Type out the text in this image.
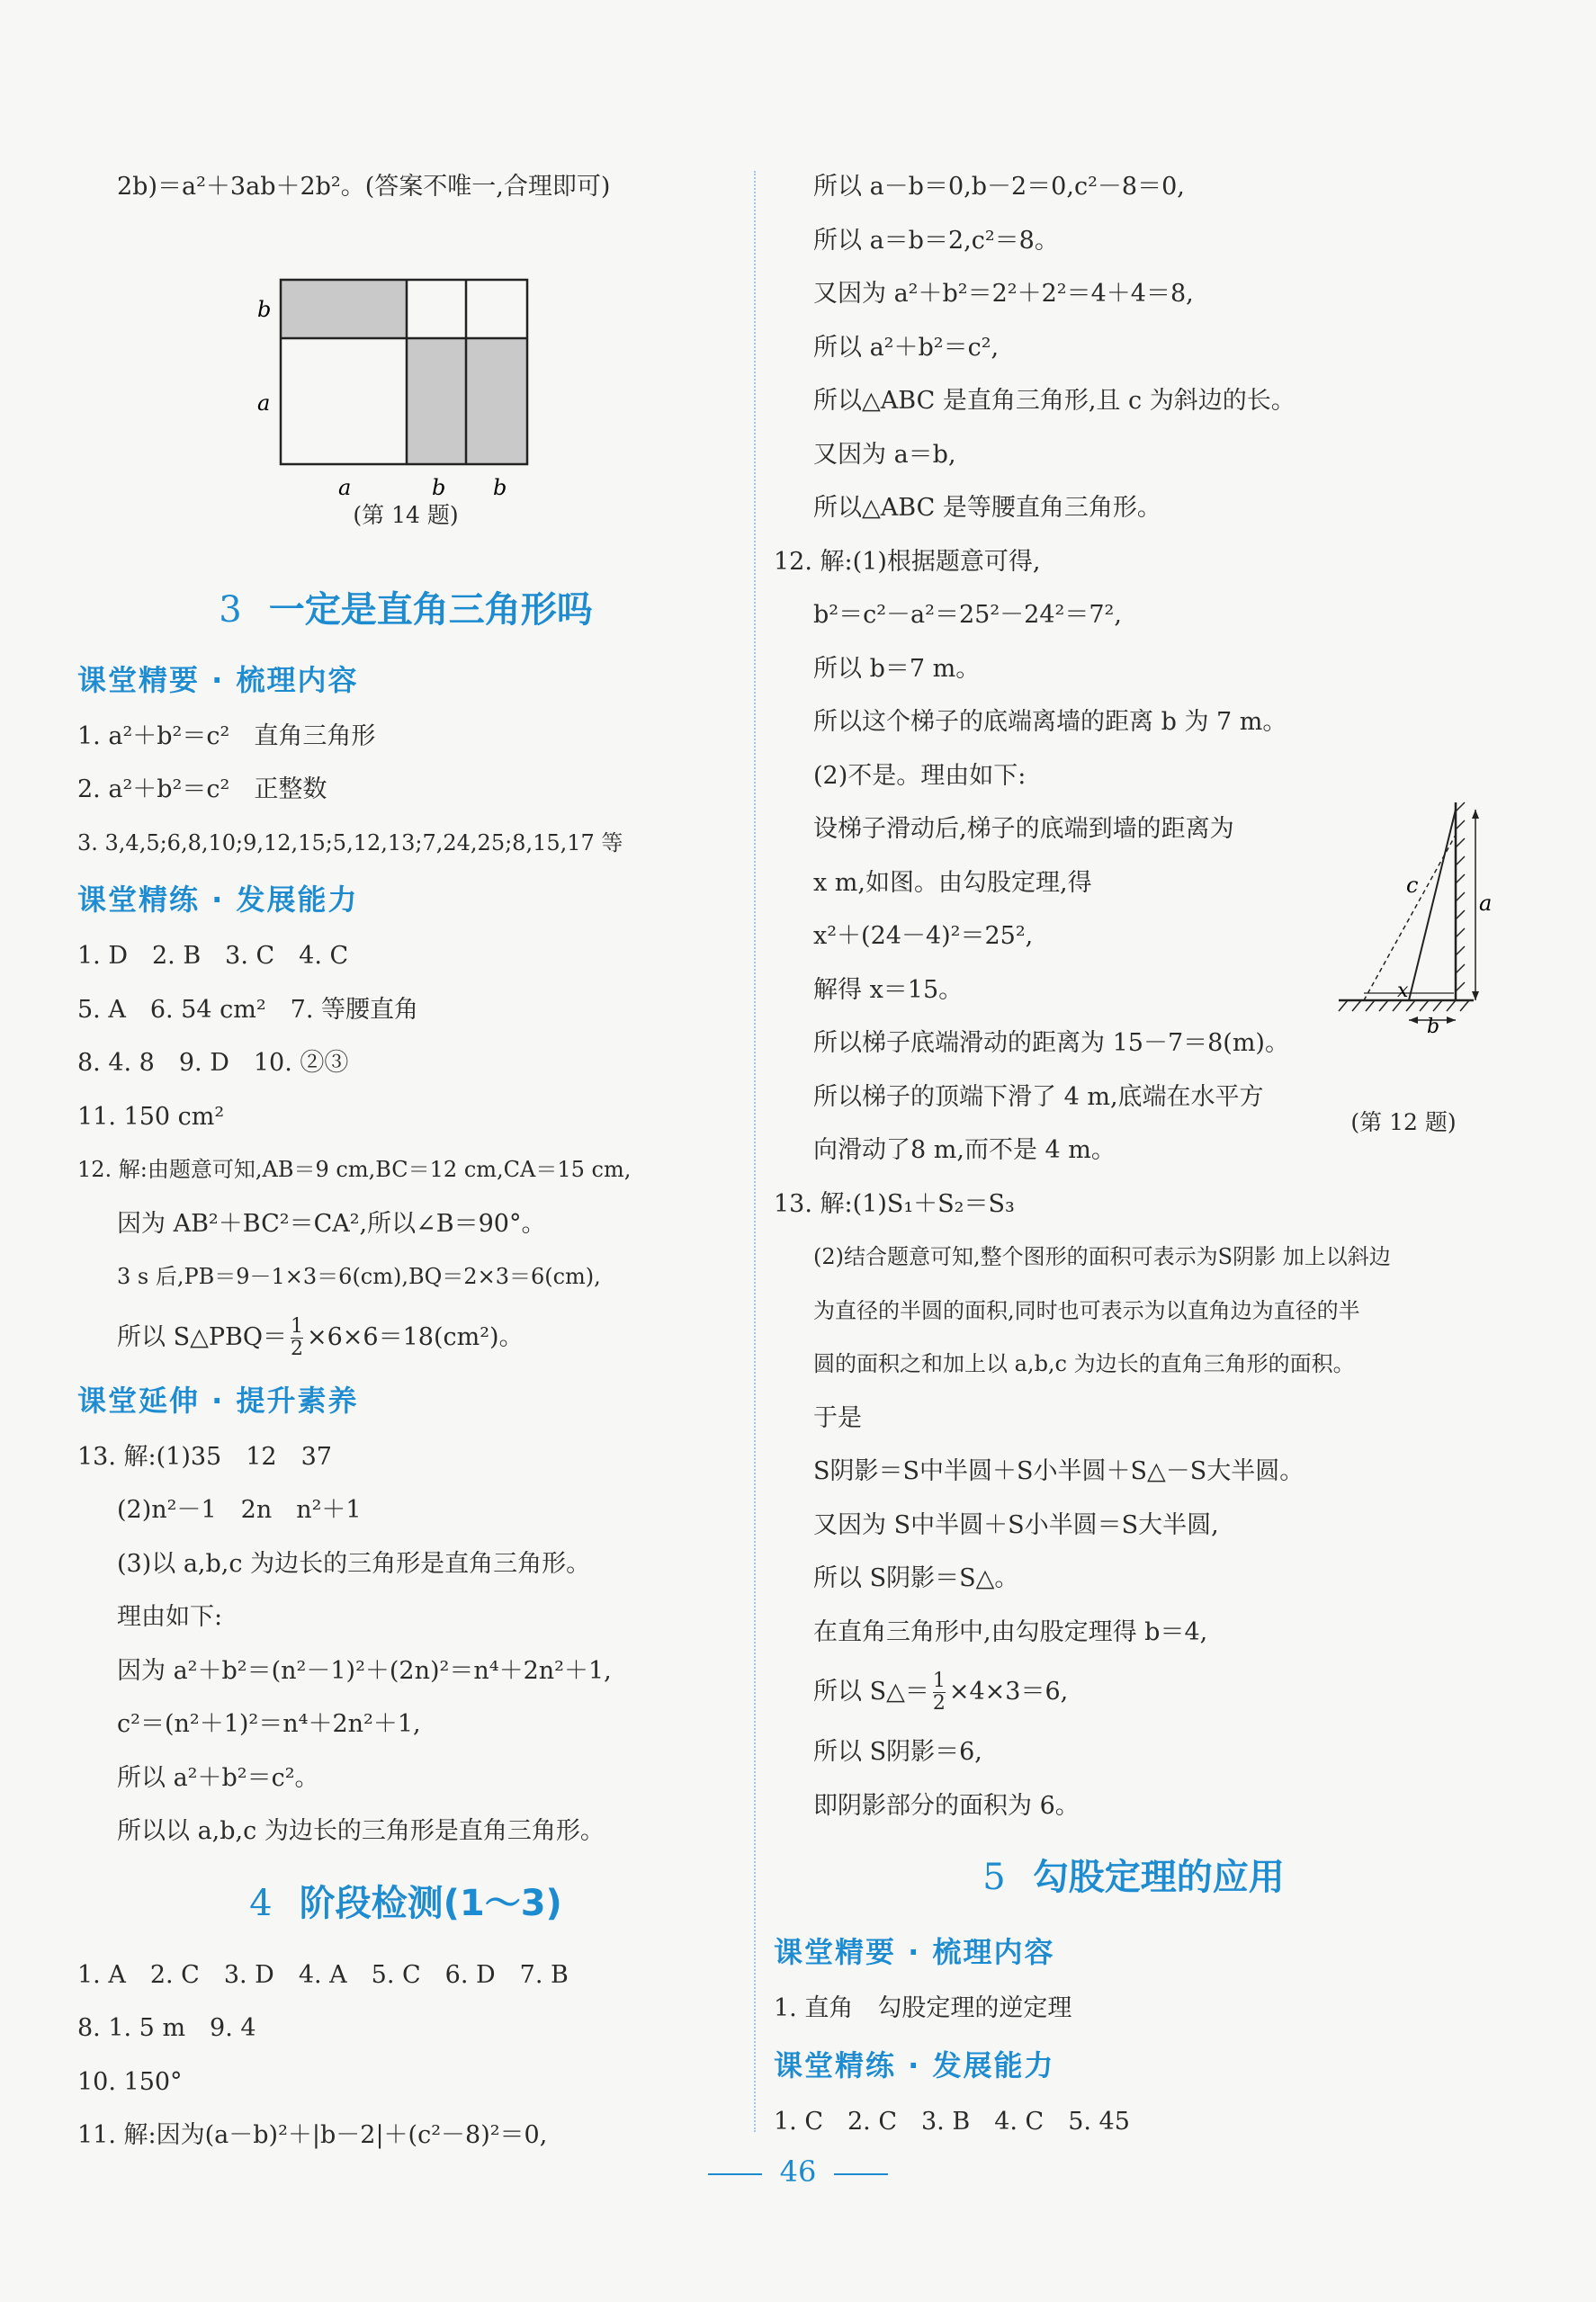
2b)＝a²＋3ab＋2b²。(答案不唯一,合理即可)
b
a
a	b b
(第 14 题)
3 一定是直角三角形吗
课堂精要 · 梳理内容
1. a²＋b²＝c²　直角三角形
2. a²＋b²＝c²　正整数
3. 3,4,5;6,8,10;9,12,15;5,12,13;7,24,25;8,15,17 等
课堂精练 · 发展能力
1. D　2. B　3. C　4. C
5. A　6. 54 cm²　7. 等腰直角
8. 4. 8　9. D　10. ②③
11. 150 cm²
12. 解:由题意可知,AB＝9 cm,BC＝12 cm,CA＝15 cm,
因为 AB²＋BC²＝CA²,所以∠B＝90°。
3 s 后,PB＝9－1×3＝6(cm),BQ＝2×3＝6(cm),
所以 S△PBQ＝ $\frac{1}{2} \times 6\times 6=18(cm^2)$。
课堂延伸 · 提升素养
13. 解:(1)35　12　37
(2)n²－1　2n　n²＋1
(3)以 a,b,c 为边长的三角形是直角三角形。
理由如下:
因为 a²＋b²＝(n²－1)²＋(2n)²＝n⁴＋2n²＋1,
c²＝(n²＋1)²＝n⁴＋2n²＋1,
所以 a²＋b²＝c²。
所以以 a,b,c 为边长的三角形是直角三角形。
4 阶段检测(1～3)
1. A　2. C　3. D　4. A　5. C　6. D　7. B
8. 1. 5 m　9. 4
10. 150°
11. 解:因为(a－b)²＋|b－2|＋(c²－8)²＝0,
所以 a－b＝0,b－2＝0,c²－8＝0,
所以 a＝b＝2,c²＝8。
又因为 a²＋b²＝2²＋2²＝4＋4＝8,
所以 a²＋b²＝c²,
所以△ABC 是直角三角形,且 c 为斜边的长。
又因为 a＝b,
所以△ABC 是等腰直角三角形。
12. 解:(1)根据题意可得,
b²＝c²－a²＝25²－24²＝7²,
所以 b＝7 m。
所以这个梯子的底端离墙的距离 b 为 7 m。
(2)不是。理由如下:
设梯子滑动后,梯子的底端到墙的距离为
x m,如图。由勾股定理,得
x²＋(24－4)²＝25²,
解得 x＝15。
所以梯子底端滑动的距离为 15－7＝8(m)。
所以梯子的顶端下滑了 4 m,底端在水平方
向滑动了8 m,而不是 4 m。
c
a
x
b
(第 12 题)
13. 解:(1)S₁＋S₂＝S₃
(2)结合题意可知,整个图形的面积可表示为S阴影 加上以斜边
为直径的半圆的面积,同时也可表示为以直角边为直径的半
圆的面积之和加上以 a,b,c 为边长的直角三角形的面积。
于是
S阴影＝S中半圆＋S小半圆＋S△－S大半圆。
又因为 S中半圆＋S小半圆＝S大半圆,
所以 S阴影＝S△。
在直角三角形中,由勾股定理得 b＝4,
所以 S△＝ $\frac{1}{2} \times 4\times 3=6$,
所以 S阴影＝6,
即阴影部分的面积为 6。
5 勾股定理的应用
课堂精要 · 梳理内容
1. 直角　勾股定理的逆定理
课堂精练 · 发展能力
1. C　2. C　3. B　4. C　5. 45
46
